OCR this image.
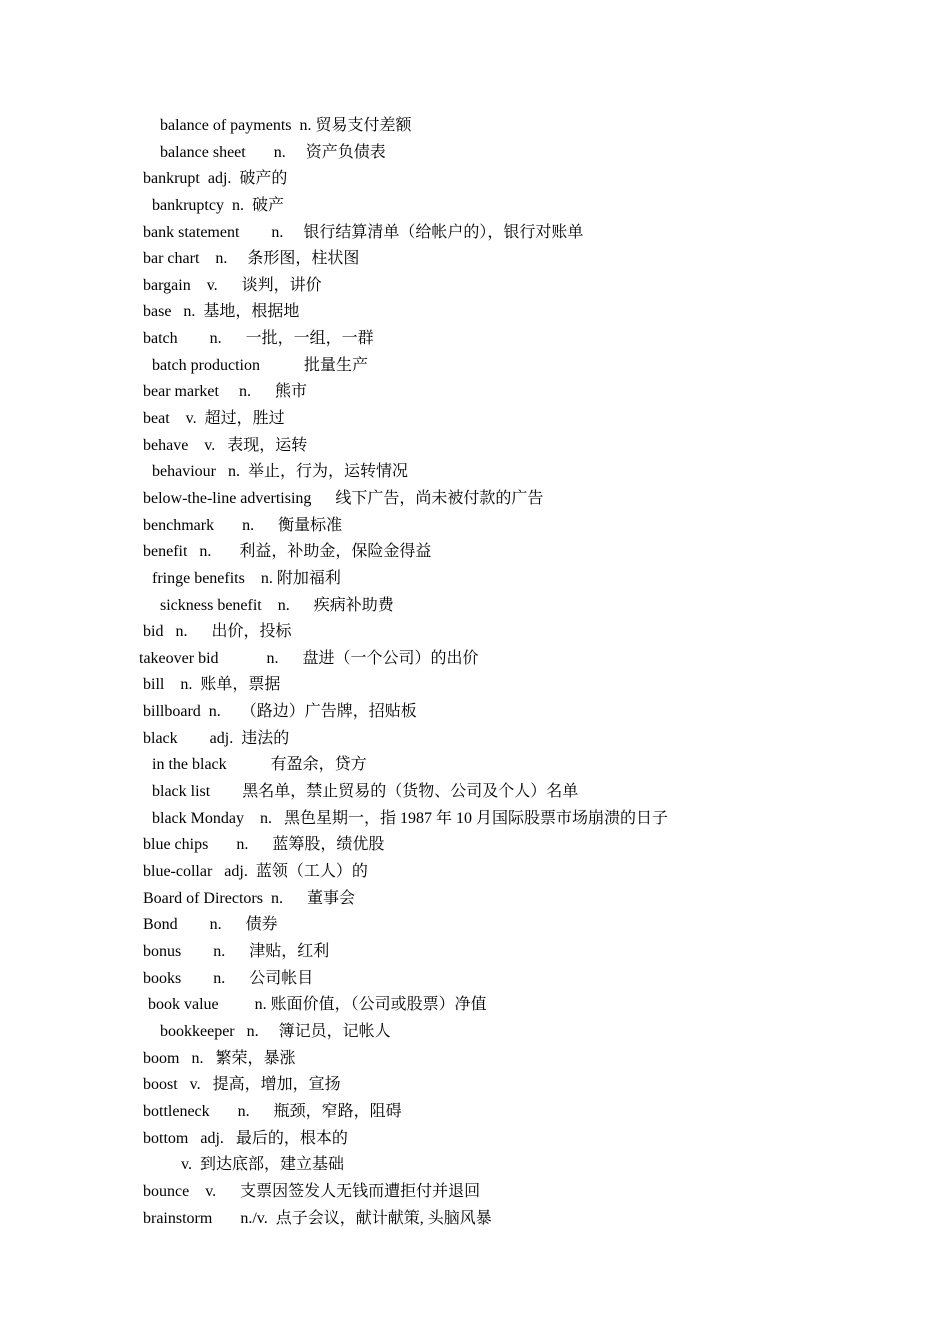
balance of payments  n. 贸易支付差额
balance sheet       n.     资产负债表
bankrupt  adj.  破产的
bankruptcy  n.  破产
bank statement        n.     银行结算清单（给帐户的），银行对账单
bar chart    n.     条形图，柱状图
bargain    v.      谈判，讲价
base   n.  基地，根据地
batch        n.      一批，一组，一群
batch production           批量生产
bear market     n.      熊市
beat    v.  超过，胜过
behave    v.   表现，运转
behaviour   n.  举止，行为，运转情况
below-the-line advertising      线下广告，尚未被付款的广告
benchmark       n.      衡量标准
benefit   n.       利益，补助金，保险金得益
fringe benefits    n. 附加福利
sickness benefit    n.      疾病补助费
bid   n.      出价，投标
takeover bid            n.      盘进（一个公司）的出价
bill    n.  账单，票据
billboard  n.     （路边）广告牌，招贴板
black        adj.  违法的
in the black           有盈余，贷方
black list        黑名单，禁止贸易的（货物、公司及个人）名单
black Monday    n.   黑色星期一，指 1987 年 10 月国际股票市场崩溃的日子
blue chips       n.      蓝筹股，绩优股
blue-collar   adj.  蓝领（工人）的
Board of Directors  n.      董事会
Bond        n.      债券
bonus        n.      津贴，红利
books        n.      公司帐目
book value         n. 账面价值，（公司或股票）净值
bookkeeper   n.     簿记员，记帐人
boom   n.   繁荣，暴涨
boost   v.   提高，增加，宣扬
bottleneck       n.      瓶颈，窄路，阻碍
bottom   adj.   最后的，根本的
v.  到达底部，建立基础
bounce    v.      支票因签发人无钱而遭拒付并退回
brainstorm       n./v.  点子会议，献计献策, 头脑风暴
